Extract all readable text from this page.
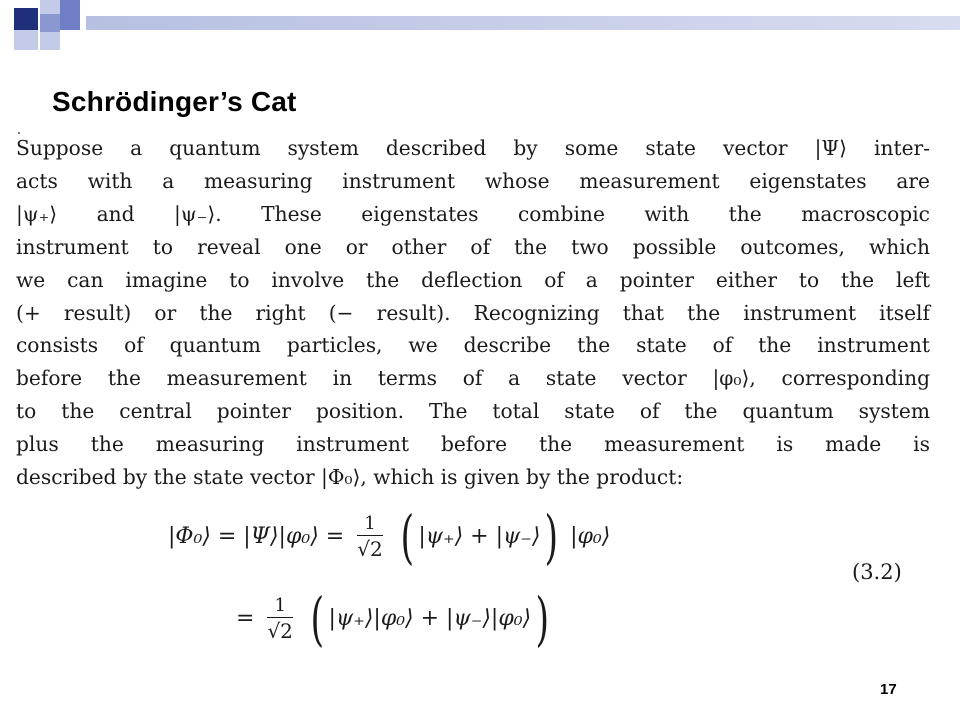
Schrödinger’s Cat

Suppose a quantum system described by some state vector |Ψ⟩ inter-
acts with a measuring instrument whose measurement eigenstates are
|ψ₊⟩ and |ψ₋⟩. These eigenstates combine with the macroscopic
instrument to reveal one or other of the two possible outcomes, which
we can imagine to involve the deflection of a pointer either to the left
(+ result) or the right (− result). Recognizing that the instrument itself
consists of quantum particles, we describe the state of the instrument
before the measurement in terms of a state vector |φ₀⟩, corresponding
to the central pointer position. The total state of the quantum system
plus the measuring instrument before the measurement is made is
described by the state vector |Φ₀⟩, which is given by the product:

|Φ₀⟩ = |Ψ⟩|φ₀⟩ = $\frac{1}{√2}$ ( |ψ₊⟩ + |ψ₋⟩) |φ₀⟩
(3.2)
= $\frac{1}{√2}$ ( |ψ₊⟩|φ₀⟩ + |ψ₋⟩|φ₀⟩)
17
